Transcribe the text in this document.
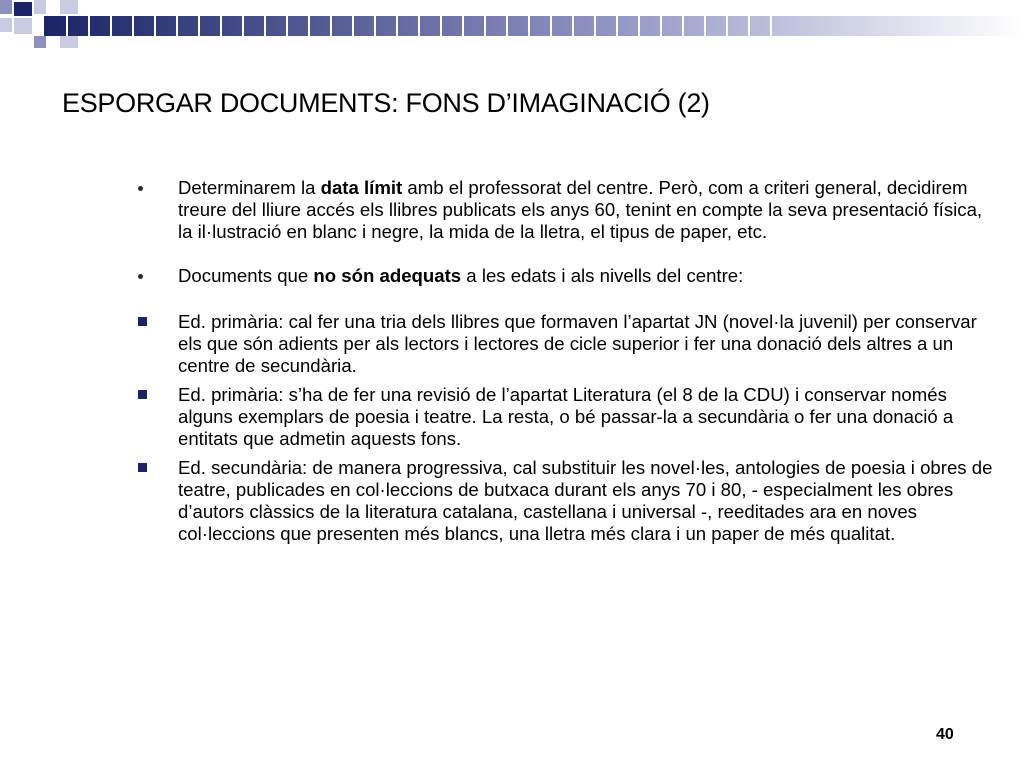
ESPORGAR DOCUMENTS: FONS D’IMAGINACIÓ (2)
Determinarem la data límit amb el professorat del centre. Però, com a criteri general, decidirem treure del lliure accés els llibres publicats els anys 60, tenint en compte la seva presentació física, la il·lustració en blanc i negre, la mida de la lletra, el tipus de paper, etc.
Documents que no són adequats a les edats i als nivells del centre:
Ed. primària: cal fer una tria dels llibres que formaven l’apartat JN (novel·la juvenil) per conservar els que són adients per als lectors i lectores de cicle superior i fer una donació dels altres a un centre de secundària.
Ed. primària: s’ha de fer una revisió de l’apartat Literatura (el 8 de la CDU) i conservar només alguns exemplars de poesia i teatre. La resta, o bé passar-la a secundària o fer una donació a entitats que admetin aquests fons.
Ed. secundària: de manera progressiva, cal substituir les novel·les, antologies de poesia i obres de teatre, publicades en col·leccions de butxaca durant els anys 70 i 80, - especialment les obres d’autors clàssics de la literatura catalana, castellana i universal -, reeditades ara en noves col·leccions que presenten més blancs, una lletra més clara i un paper de més qualitat.
40
